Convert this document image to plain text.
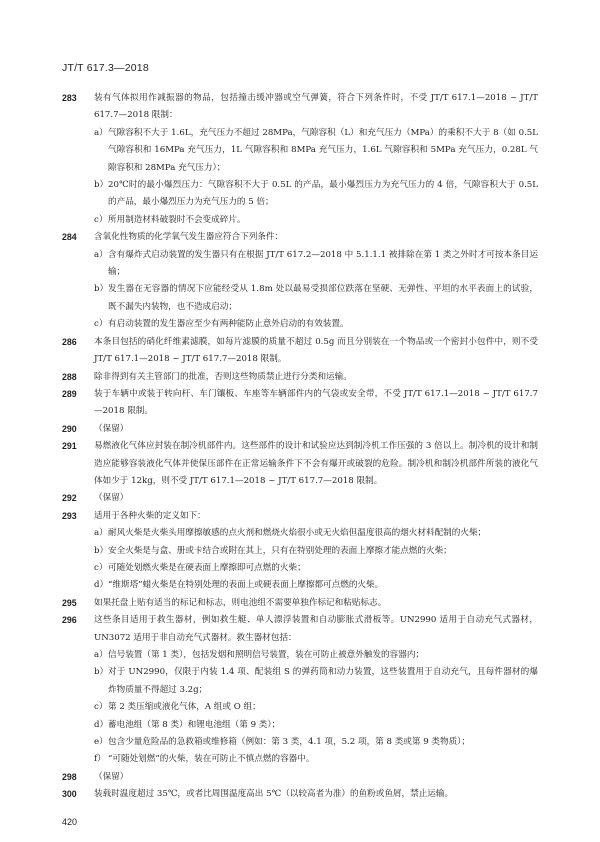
JT/T 617.3—2018
283 装有气体拟用作减振器的物品，包括撞击缓冲器或空气弹簧，符合下列条件时，不受 JT/T 617.1—2018 ~ JT/T 617.7—2018 限制：
a） 气隙容积不大于 1.6L，充气压力不超过 28MPa，气隙容积（L）和充气压力（MPa）的乘积不大于 8（如 0.5L 气隙容积和 16MPa 充气压力，1L 气隙容积和 8MPa 充气压力，1.6L 气隙容积和 5MPa 充气压力，0.28L 气隙容积和 28MPa 充气压力）；
b） 20℃时的最小爆烈压力：气隙容积不大于 0.5L 的产品，最小爆烈压力为充气压力的 4 倍，气隙容积大于 0.5L 的产品，最小爆烈压力为充气压力的 5 倍；
c） 所用制造材料破裂时不会变成碎片。
284 含氧化性物质的化学氧气发生器应符合下列条件：
a） 含有爆炸式启动装置的发生器只有在根据 JT/T 617.2—2018 中 5.1.1.1 被排除在第 1 类之外时才可按本条目运输；
b） 发生器在无容器的情况下应能经受从 1.8m 处以最易受损部位跌落在坚硬、无弹性、平坦的水平表面上的试验，既不漏失内装物，也不造成启动；
c） 有启动装置的发生器应至少有两种能防止意外启动的有效装置。
286 本条目包括的硝化纤维素滤膜，如每片滤膜的质量不超过 0.5g 而且分别装在一个物品或一个密封小包件中，则不受 JT/T 617.1—2018 ~ JT/T 617.7—2018 限制。
288 除非得到有关主管部门的批准，否则这些物质禁止进行分类和运输。
289 装于车辆中或装于转向杆、车门镶板、车座等车辆部件内的气袋或安全带，不受 JT/T 617.1—2018 ~ JT/T 617.7—2018 限制。
290 （保留）
291 易燃液化气体应封装在制冷机部件内。这些部件的设计和试验应达到制冷机工作压强的 3 倍以上。制冷机的设计和制造应能够容装液化气体并使保压部件在正常运输条件下不会有爆开或破裂的危险。制冷机和制冷机部件所装的液化气体如少于 12kg，则不受 JT/T 617.1—2018 ~ JT/T 617.7—2018 限制。
292 （保留）
293 适用于各种火柴的定义如下：
a） 耐风火柴是火柴头用摩擦敏感的点火剂和燃烧火焰很小或无火焰但温度很高的烟火材料配制的火柴；
b） 安全火柴是与盒、册或卡结合或附在其上，只有在特别处理的表面上摩擦才能点燃的火柴；
c） 可随处划燃火柴是在硬表面上摩擦即可点燃的火柴；
d） “维斯塔”蜡火柴是在特别处理的表面上或硬表面上摩擦都可点燃的火柴。
295 如果托盘上贴有适当的标记和标志，则电池组不需要单独作标记和粘贴标志。
296 这些条目适用于救生器材，例如救生艇、单人漂浮装置和自动膨胀式滑板等。UN2990 适用于自动充气式器材，UN3072 适用于非自动充气式器材。救生器材包括：
a） 信号装置（第 1 类），包括发烟和照明信号装置，装在可防止被意外触发的容器内；
b） 对于 UN2990，仅限于内装 1.4 项、配装组 S 的弹药筒和动力装置，这些装置用于自动充气，且每件器材的爆炸物质量不得超过 3.2g；
c） 第 2 类压缩或液化气体，A 组或 O 组；
d） 蓄电池组（第 8 类）和锂电池组（第 9 类）；
e） 包含少量危险品的急救箱或维修箱（例如：第 3 类，4.1 项，5.2 项，第 8 类或第 9 类物质）；
f） “可随处划燃”的火柴，装在可防止不慎点燃的容器中。
298 （保留）
300 装载时温度超过 35℃，或者比周围温度高出 5℃（以较高者为准）的鱼粉或鱼屑，禁止运输。
420
